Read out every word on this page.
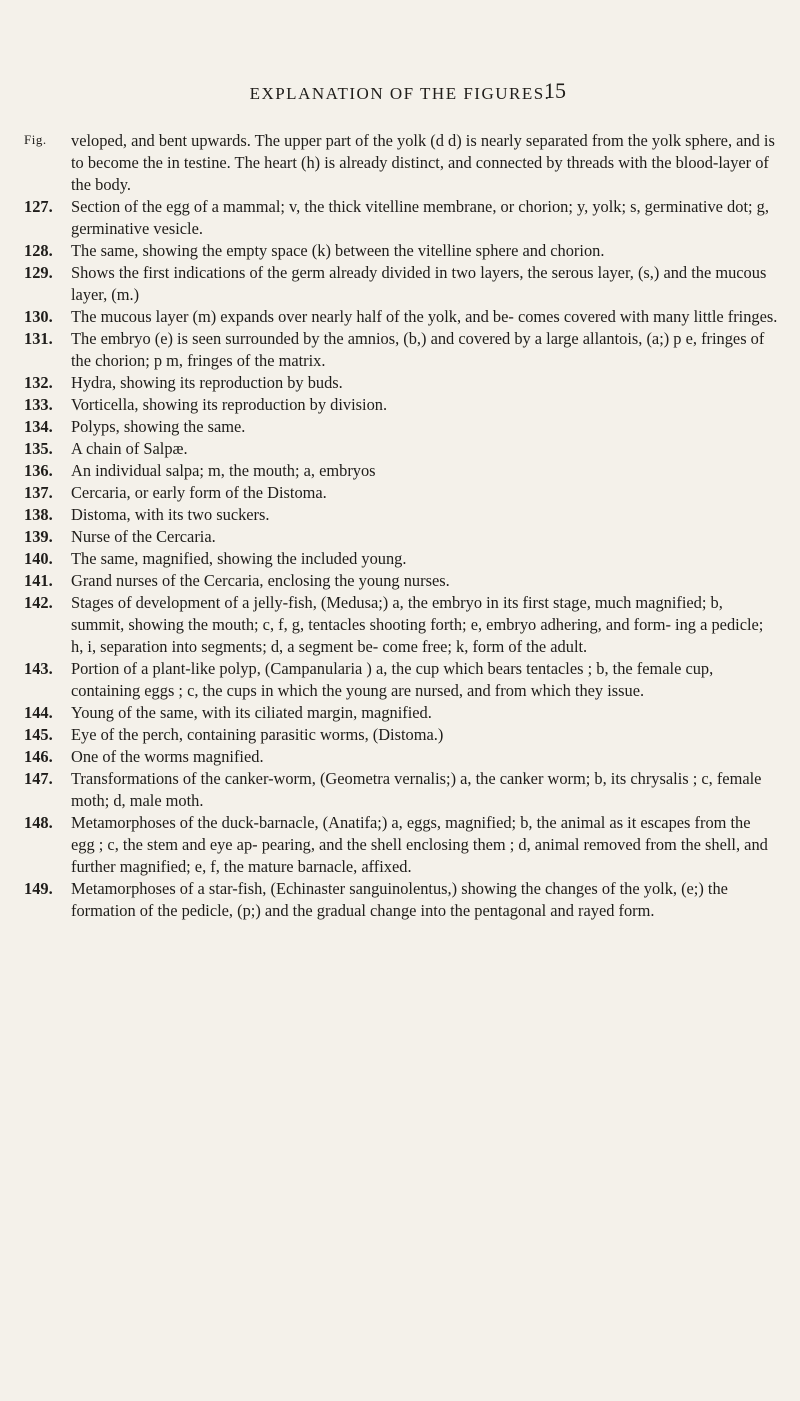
EXPLANATION OF THE FIGURES.
15
Fig.	veloped, and bent upwards. The upper part of the yolk (d d) is nearly separated from the yolk sphere, and is to become the in testine. The heart (h) is already distinct, and connected by threads with the blood-layer of the body.
127. Section of the egg of a mammal; v, the thick vitelline membrane, or chorion; y, yolk; s, germinative dot; g, germinative vesicle.
128. The same, showing the empty space (k) between the vitelline sphere and chorion.
129. Shows the first indications of the germ already divided in two layers, the serous layer, (s,) and the mucous layer, (m.)
130. The mucous layer (m) expands over nearly half of the yolk, and be- comes covered with many little fringes.
131. The embryo (e) is seen surrounded by the amnios, (b,) and covered by a large allantois, (a;) p e, fringes of the chorion; p m, fringes of the matrix.
132. Hydra, showing its reproduction by buds.
133. Vorticella, showing its reproduction by division.
134. Polyps, showing the same.
135. A chain of Salpæ.
136. An individual salpa; m, the mouth; a, embryos
137. Cercaria, or early form of the Distoma.
138. Distoma, with its two suckers.
139. Nurse of the Cercaria.
140. The same, magnified, showing the included young.
141. Grand nurses of the Cercaria, enclosing the young nurses.
142. Stages of development of a jelly-fish, (Medusa;) a, the embryo in its first stage, much magnified; b, summit, showing the mouth; c, f, g, tentacles shooting forth; e, embryo adhering, and form- ing a pedicle; h, i, separation into segments; d, a segment be- come free; k, form of the adult.
143. Portion of a plant-like polyp, (Campanularia ) a, the cup which bears tentacles ; b, the female cup, containing eggs ; c, the cups in which the young are nursed, and from which they issue.
144. Young of the same, with its ciliated margin, magnified.
145. Eye of the perch, containing parasitic worms, (Distoma.)
146. One of the worms magnified.
147. Transformations of the canker-worm, (Geometra vernalis;) a, the canker worm; b, its chrysalis ; c, female moth; d, male moth.
148. Metamorphoses of the duck-barnacle, (Anatifa;) a, eggs, magnified; b, the animal as it escapes from the egg ; c, the stem and eye ap- pearing, and the shell enclosing them ; d, animal removed from the shell, and further magnified; e, f, the mature barnacle, affixed.
149. Metamorphoses of a star-fish, (Echinaster sanguinolentus,) showing the changes of the yolk, (e;) the formation of the pedicle, (p;) and the gradual change into the pentagonal and rayed form.
